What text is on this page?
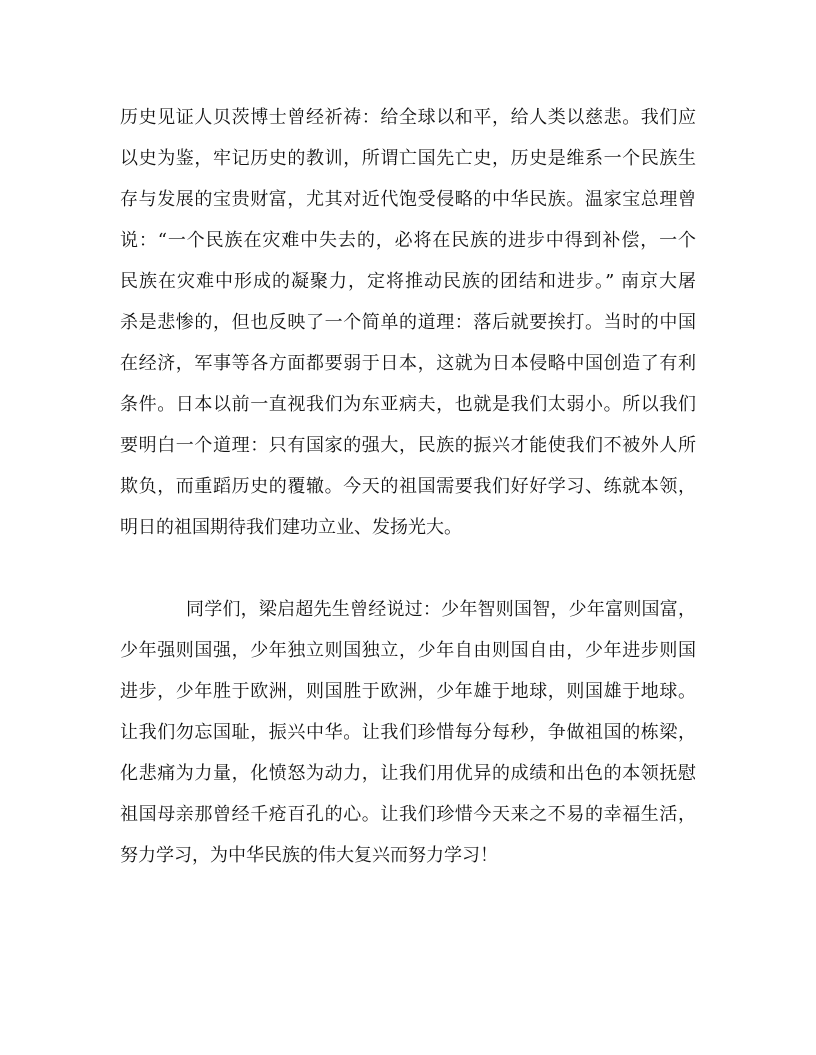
历史见证人贝茨博士曾经祈祷：给全球以和平，给人类以慈悲。我们应
以史为鉴，牢记历史的教训，所谓亡国先亡史，历史是维系一个民族生
存与发展的宝贵财富，尤其对近代饱受侵略的中华民族。温家宝总理曾
说：“一个民族在灾难中失去的，必将在民族的进步中得到补偿，一个
民族在灾难中形成的凝聚力，定将推动民族的团结和进步。” 南京大屠
杀是悲惨的，但也反映了一个简单的道理：落后就要挨打。当时的中国
在经济，军事等各方面都要弱于日本，这就为日本侵略中国创造了有利
条件。日本以前一直视我们为东亚病夫，也就是我们太弱小。所以我们
要明白一个道理：只有国家的强大，民族的振兴才能使我们不被外人所
欺负，而重蹈历史的覆辙。今天的祖国需要我们好好学习、练就本领，
明日的祖国期待我们建功立业、发扬光大。
同学们，梁启超先生曾经说过：少年智则国智，少年富则国富，
少年强则国强，少年独立则国独立，少年自由则国自由，少年进步则国
进步，少年胜于欧洲，则国胜于欧洲，少年雄于地球，则国雄于地球。
让我们勿忘国耻，振兴中华。让我们珍惜每分每秒，争做祖国的栋梁，
化悲痛为力量，化愤怒为动力，让我们用优异的成绩和出色的本领抚慰
祖国母亲那曾经千疮百孔的心。让我们珍惜今天来之不易的幸福生活，
努力学习，为中华民族的伟大复兴而努力学习！
